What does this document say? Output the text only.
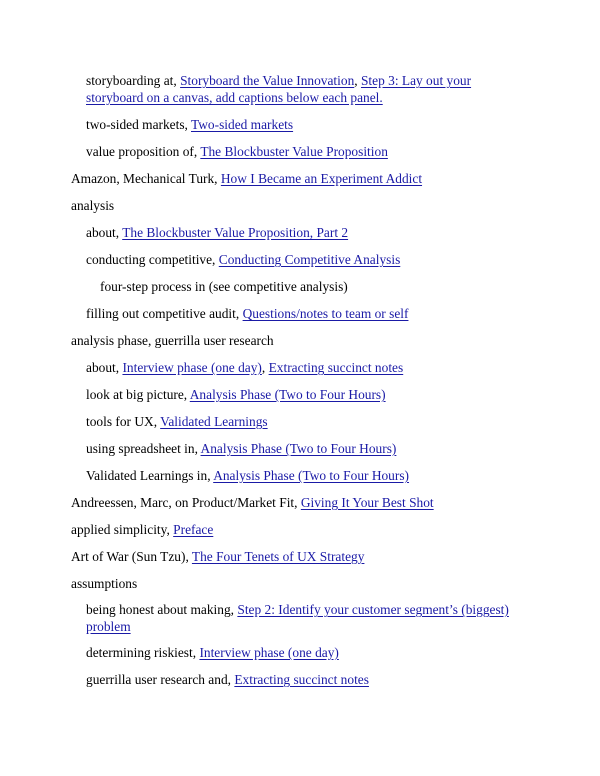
storyboarding at, Storyboard the Value Innovation, Step 3: Lay out your storyboard on a canvas, add captions below each panel.
two-sided markets, Two-sided markets
value proposition of, The Blockbuster Value Proposition
Amazon, Mechanical Turk, How I Became an Experiment Addict
analysis
about, The Blockbuster Value Proposition, Part 2
conducting competitive, Conducting Competitive Analysis
four-step process in (see competitive analysis)
filling out competitive audit, Questions/notes to team or self
analysis phase, guerrilla user research
about, Interview phase (one day), Extracting succinct notes
look at big picture, Analysis Phase (Two to Four Hours)
tools for UX, Validated Learnings
using spreadsheet in, Analysis Phase (Two to Four Hours)
Validated Learnings in, Analysis Phase (Two to Four Hours)
Andreessen, Marc, on Product/Market Fit, Giving It Your Best Shot
applied simplicity, Preface
Art of War (Sun Tzu), The Four Tenets of UX Strategy
assumptions
being honest about making, Step 2: Identify your customer segment’s (biggest) problem
determining riskiest, Interview phase (one day)
guerrilla user research and, Extracting succinct notes
